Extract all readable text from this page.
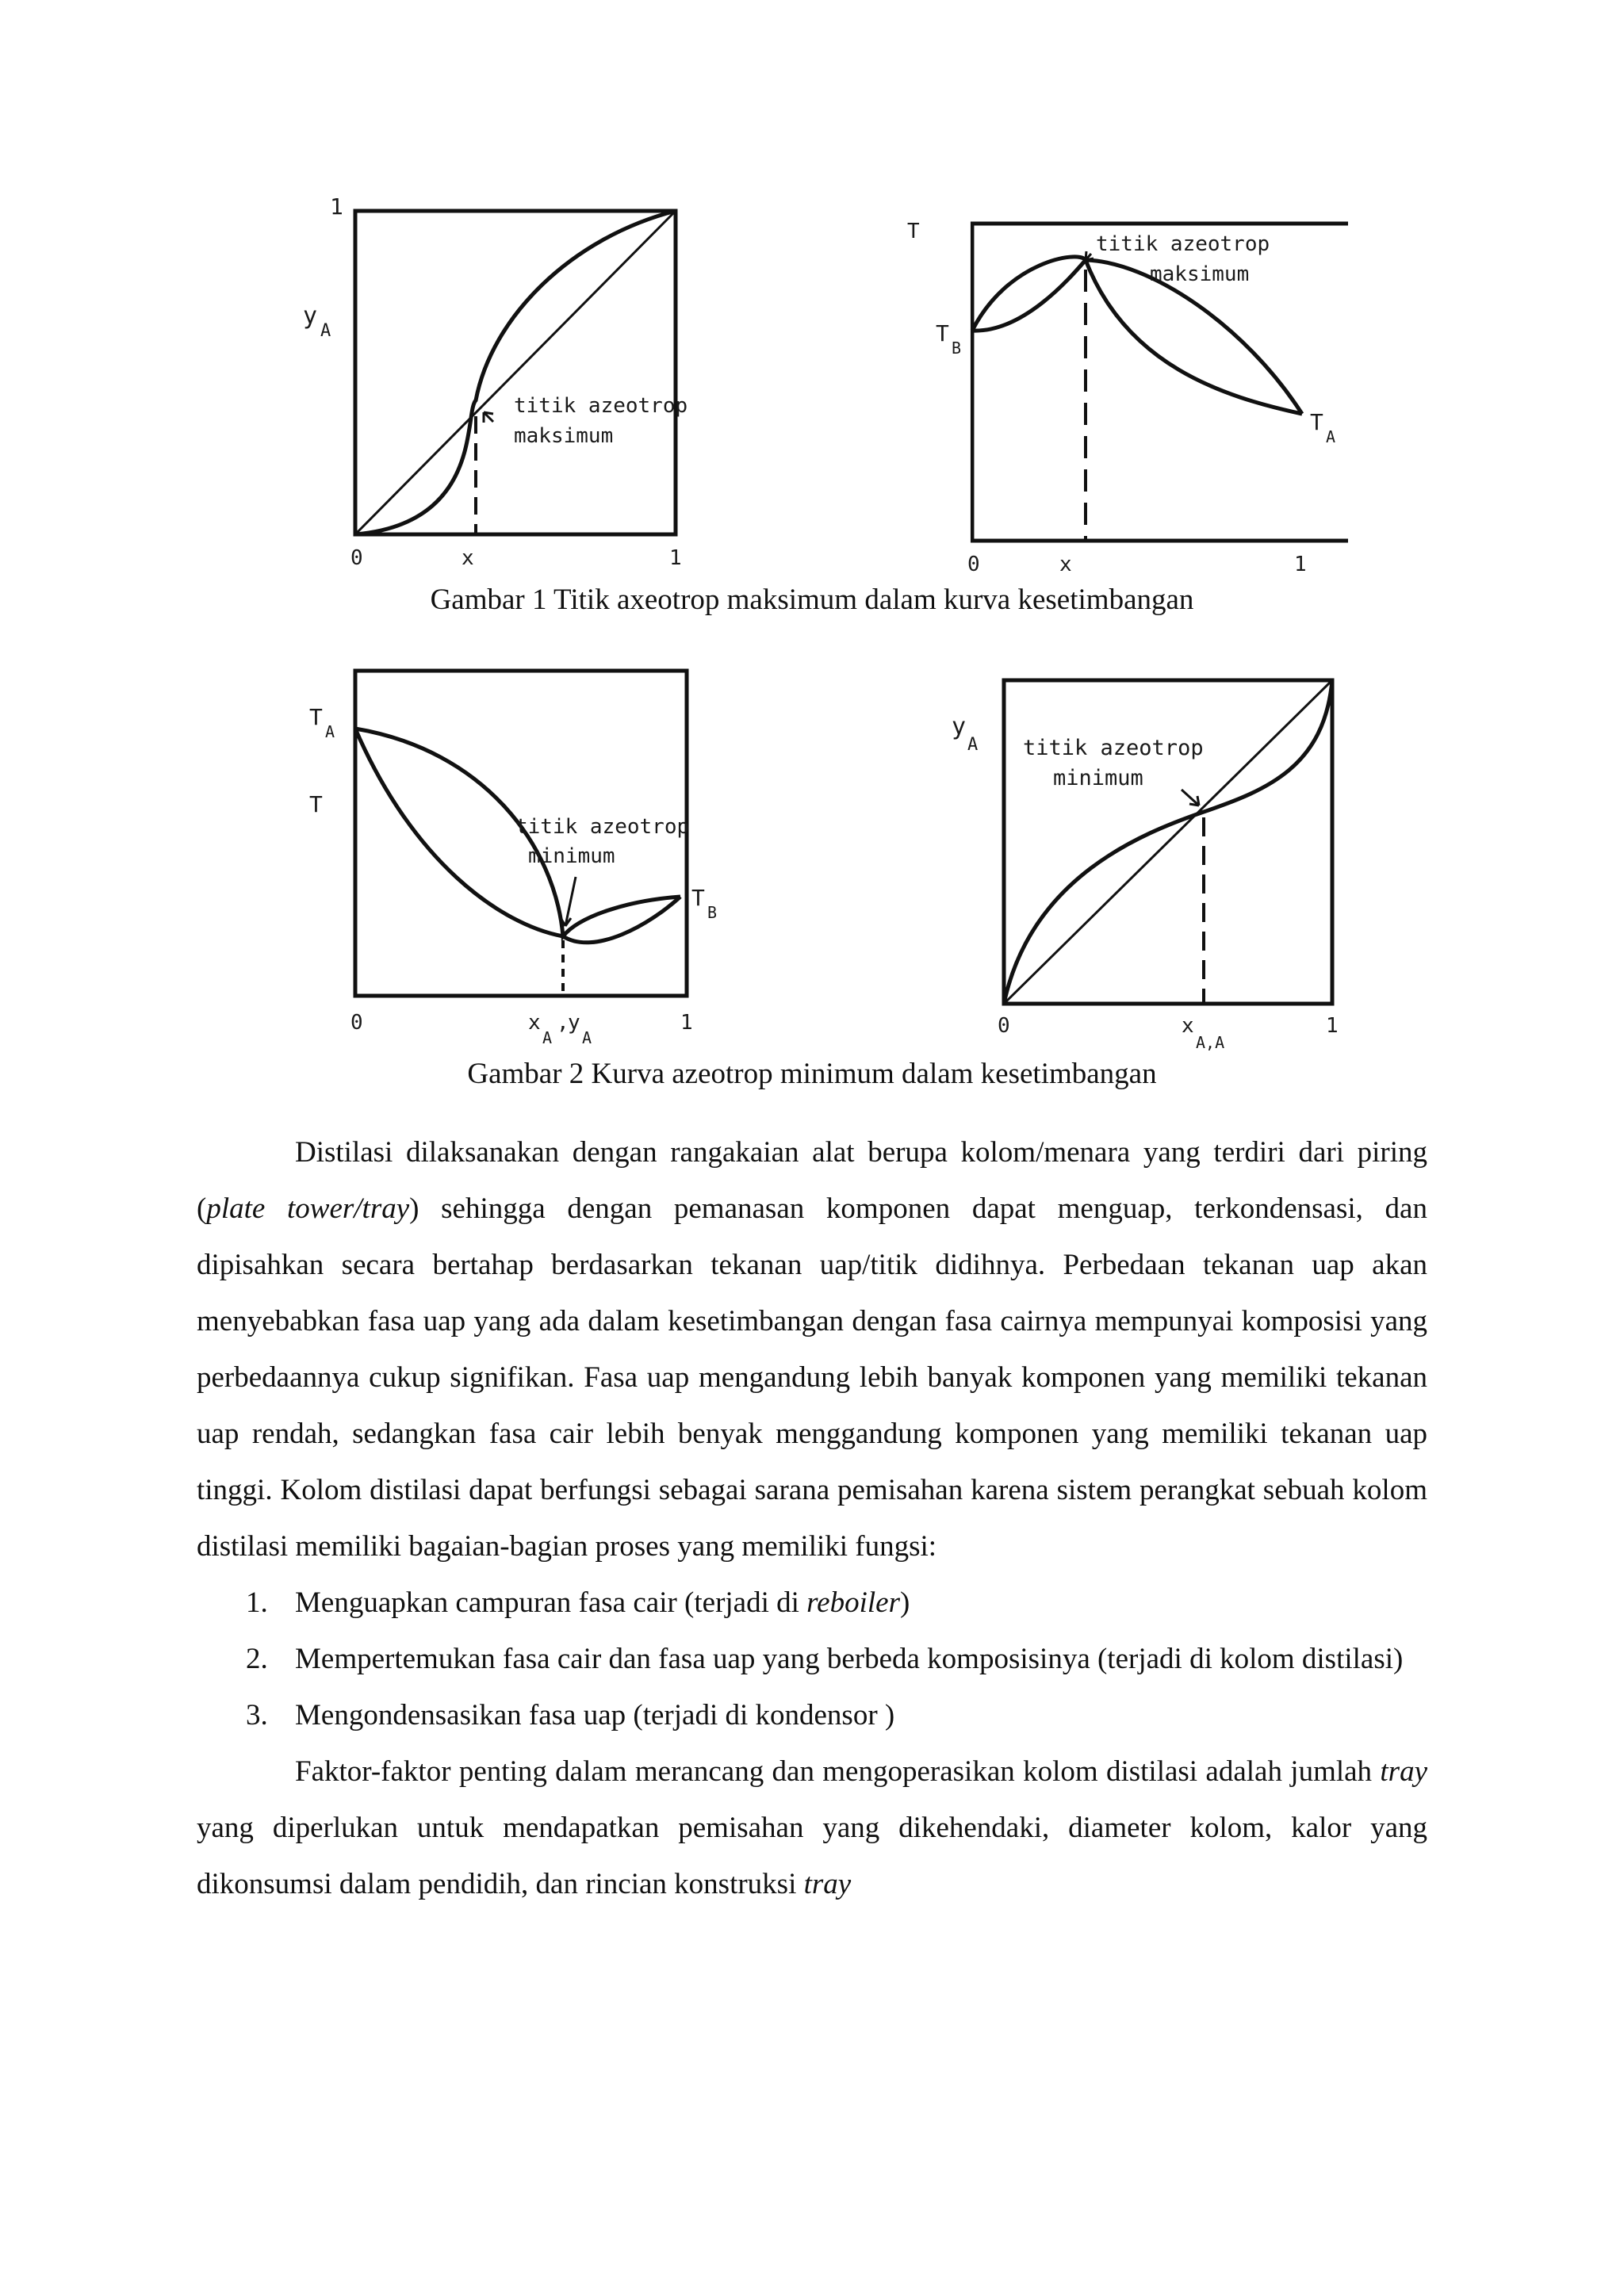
1
y
A
0	1
x
titik azeotrop
maksimum
T
T
B
T
A
0	1
x
titik azeotrop
maksimum
Gambar 1 Titik axeotrop maksimum dalam kurva kesetimbangan
T
A
T
T
B
0	1
x
A
,
y
A
titik azeotrop
minimum
y
A
0	1
x
A,A
titik azeotrop
minimum
Gambar 2 Kurva azeotrop minimum dalam kesetimbangan

Distilasi dilaksanakan dengan rangakaian alat berupa kolom/menara yang terdiri dari piring (plate tower/tray) sehingga dengan pemanasan komponen dapat menguap, terkondensasi, dan dipisahkan secara bertahap berdasarkan tekanan uap/titik didihnya. Perbedaan tekanan uap akan menyebabkan fasa uap yang ada dalam kesetimbangan dengan fasa cairnya mempunyai komposisi yang perbedaannya cukup signifikan. Fasa uap mengandung lebih banyak komponen yang memiliki tekanan uap rendah, sedangkan fasa cair lebih benyak menggandung komponen yang memiliki tekanan uap tinggi. Kolom distilasi dapat berfungsi sebagai sarana pemisahan karena sistem perangkat sebuah kolom distilasi memiliki bagaian-bagian proses yang memiliki fungsi:

1. Menguapkan campuran fasa cair (terjadi di reboiler)
2. Mempertemukan fasa cair dan fasa uap yang berbeda komposisinya (terjadi di kolom distilasi)
3. Mengondensasikan fasa uap (terjadi di kondensor )

Faktor-faktor penting dalam merancang dan mengoperasikan kolom distilasi adalah jumlah tray yang diperlukan untuk mendapatkan pemisahan yang dikehendaki, diameter kolom, kalor yang dikonsumsi dalam pendidih, dan rincian konstruksi tray
